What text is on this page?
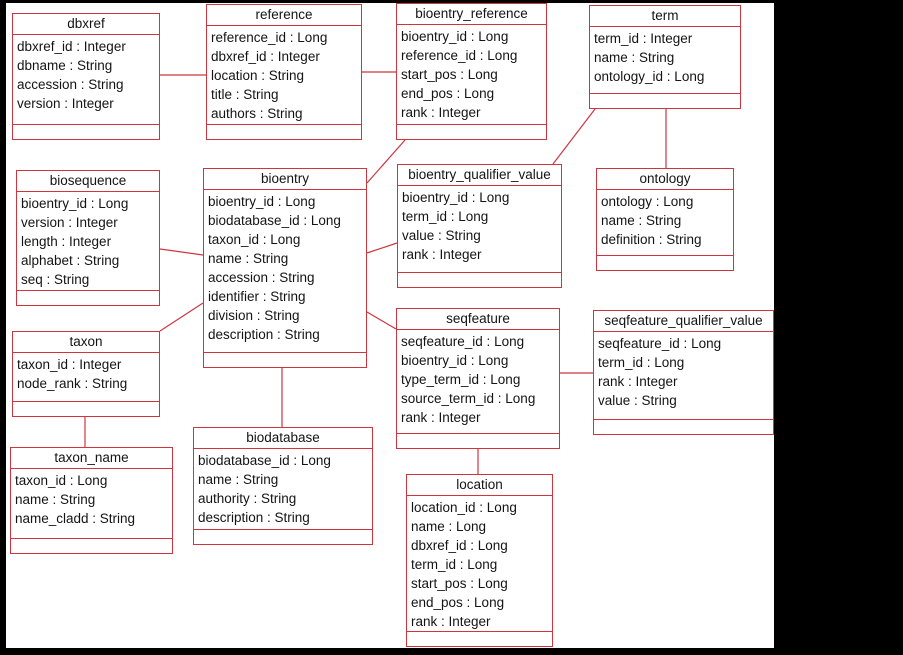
dbxref
dbxref_id : Integer
dbname : String
accession : String
version : Integer
reference
reference_id : Long
dbxref_id : Integer
location : String
title : String
authors : String
bioentry_reference
bioentry_id : Long
reference_id : Long
start_pos : Long
end_pos : Long
rank : Integer
term
term_id : Integer
name : String
ontology_id : Long
biosequence
bioentry_id : Long
version : Integer
length : Integer
alphabet : String
seq : String
bioentry
bioentry_id : Long
biodatabase_id : Long
taxon_id : Long
name : String
accession : String
identifier : String
division : String
description : String
bioentry_qualifier_value
bioentry_id : Long
term_id : Long
value : String
rank : Integer
ontology
ontology : Long
name : String
definition : String
seqfeature
seqfeature_id : Long
bioentry_id : Long
type_term_id : Long
source_term_id : Long
rank : Integer
seqfeature_qualifier_value
seqfeature_id : Long
term_id : Long
rank : Integer
value : String
taxon
taxon_id : Integer
node_rank : String
taxon_name
taxon_id : Long
name : String
name_cladd : String
biodatabase
biodatabase_id : Long
name : String
authority : String
description : String
location
location_id : Long
name : Long
dbxref_id : Long
term_id : Long
start_pos : Long
end_pos : Long
rank : Integer
